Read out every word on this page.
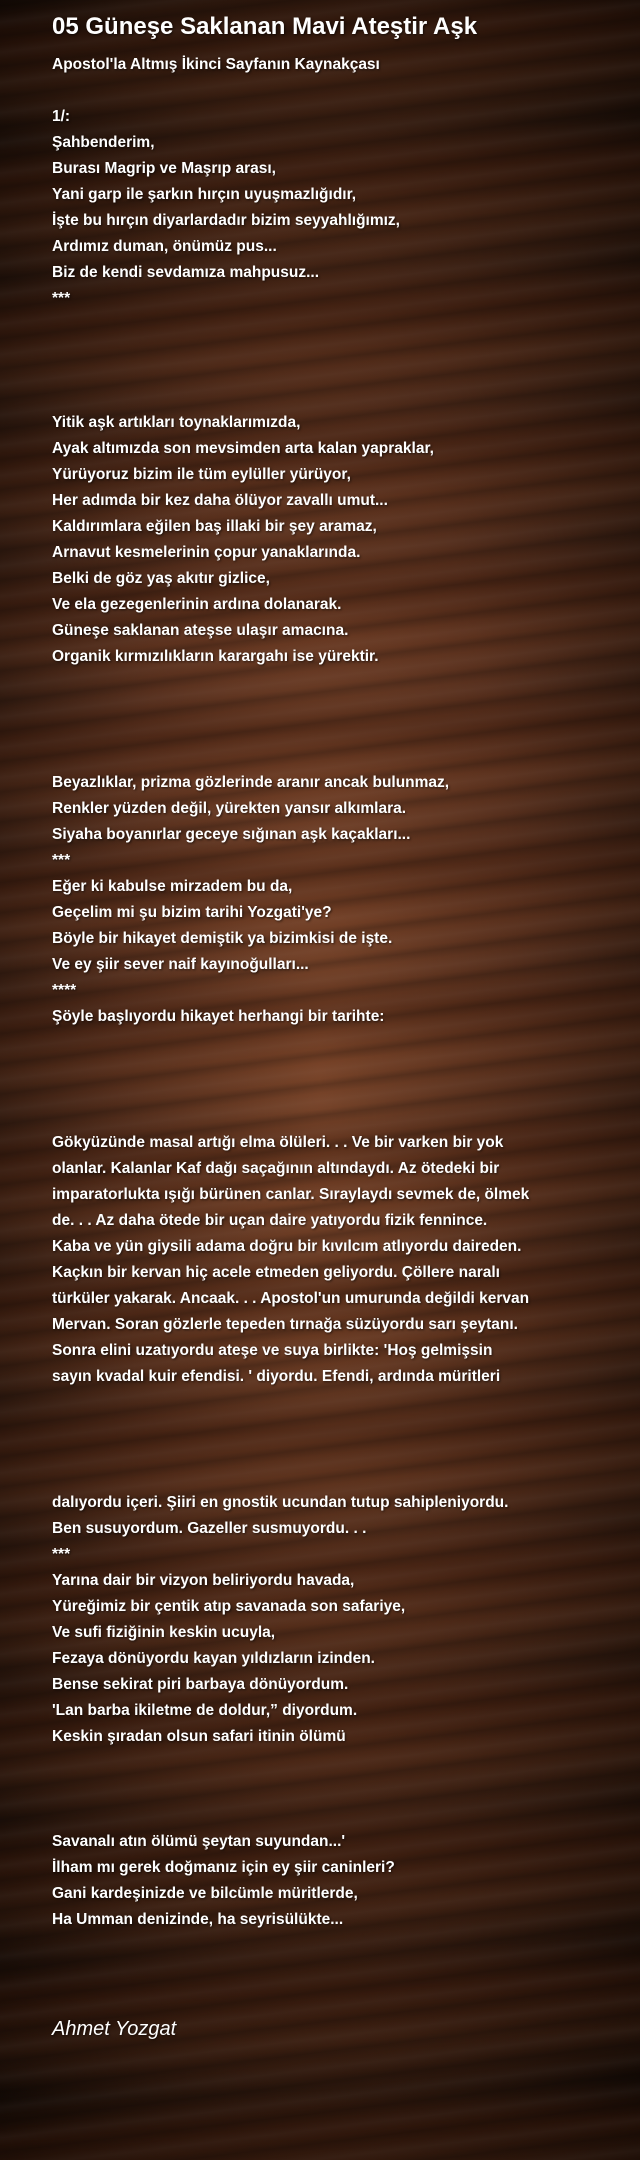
05 Güneşe Saklanan Mavi Ateştir Aşk
Apostol'la Altmış İkinci Sayfanın Kaynakçası
1/:
Şahbenderim,
Burası Magrip ve Maşrıp arası,
Yani garp ile şarkın hırçın uyuşmazlığıdır,
İşte bu hırçın diyarlardadır bizim seyyahlığımız,
Ardımız duman, önümüz pus...
Biz de kendi sevdamıza mahpusuz...
***
Yitik aşk artıkları toynaklarımızda,
Ayak altımızda son mevsimden arta kalan yapraklar,
Yürüyoruz bizim ile tüm eylüller yürüyor,
Her adımda bir kez daha ölüyor zavallı umut...
Kaldırımlara eğilen baş illaki bir şey aramaz,
Arnavut kesmelerinin çopur yanaklarında.
Belki de göz yaş akıtır gizlice,
Ve ela gezegenlerinin ardına dolanarak.
Güneşe saklanan ateşse ulaşır amacına.
Organik kırmızılıkların karargahı ise yürektir.
Beyazlıklar, prizma gözlerinde aranır ancak bulunmaz,
Renkler yüzden değil, yürekten yansır alkımlara.
Siyaha boyanırlar geceye sığınan aşk kaçakları...
***
Eğer ki kabulse mirzadem bu da,
Geçelim mi şu bizim tarihi Yozgati'ye?
Böyle bir hikayet demiştik ya bizimkisi de işte.
Ve ey şiir sever naif kayınoğulları...
****
Şöyle başlıyordu hikayet herhangi bir tarihte:
Gökyüzünde masal artığı elma ölüleri. . . Ve bir varken bir yok
olanlar. Kalanlar Kaf dağı saçağının altındaydı. Az ötedeki bir
imparatorlukta ışığı bürünen canlar. Sıraylaydı sevmek de, ölmek
de. . . Az daha ötede bir uçan daire yatıyordu fizik fennince.
Kaba ve yün giysili adama doğru bir kıvılcım atlıyordu daireden.
Kaçkın bir kervan hiç acele etmeden geliyordu. Çöllere naralı
türküler yakarak. Ancaak. . . Apostol'un umurunda değildi kervan
Mervan. Soran gözlerle tepeden tırnağa süzüyordu sarı şeytanı.
Sonra elini uzatıyordu ateşe ve suya birlikte: 'Hoş gelmişsin
sayın kvadal kuir efendisi. ' diyordu. Efendi, ardında müritleri
dalıyordu içeri. Şiiri en gnostik ucundan tutup sahipleniyordu.
Ben susuyordum. Gazeller susmuyordu. . .
***
Yarına dair bir vizyon beliriyordu havada,
Yüreğimiz bir çentik atıp savanada son safariye,
Ve sufi fiziğinin keskin ucuyla,
Fezaya dönüyordu kayan yıldızların izinden.
Bense sekirat piri barbaya dönüyordum.
'Lan barba ikiletme de doldur,” diyordum.
Keskin şıradan olsun safari itinin ölümü
Savanalı atın ölümü şeytan suyundan...'
İlham mı gerek doğmanız için ey şiir caninleri?
Gani kardeşinizde ve bilcümle müritlerde,
Ha Umman denizinde, ha seyrisülükte...
Ahmet Yozgat
